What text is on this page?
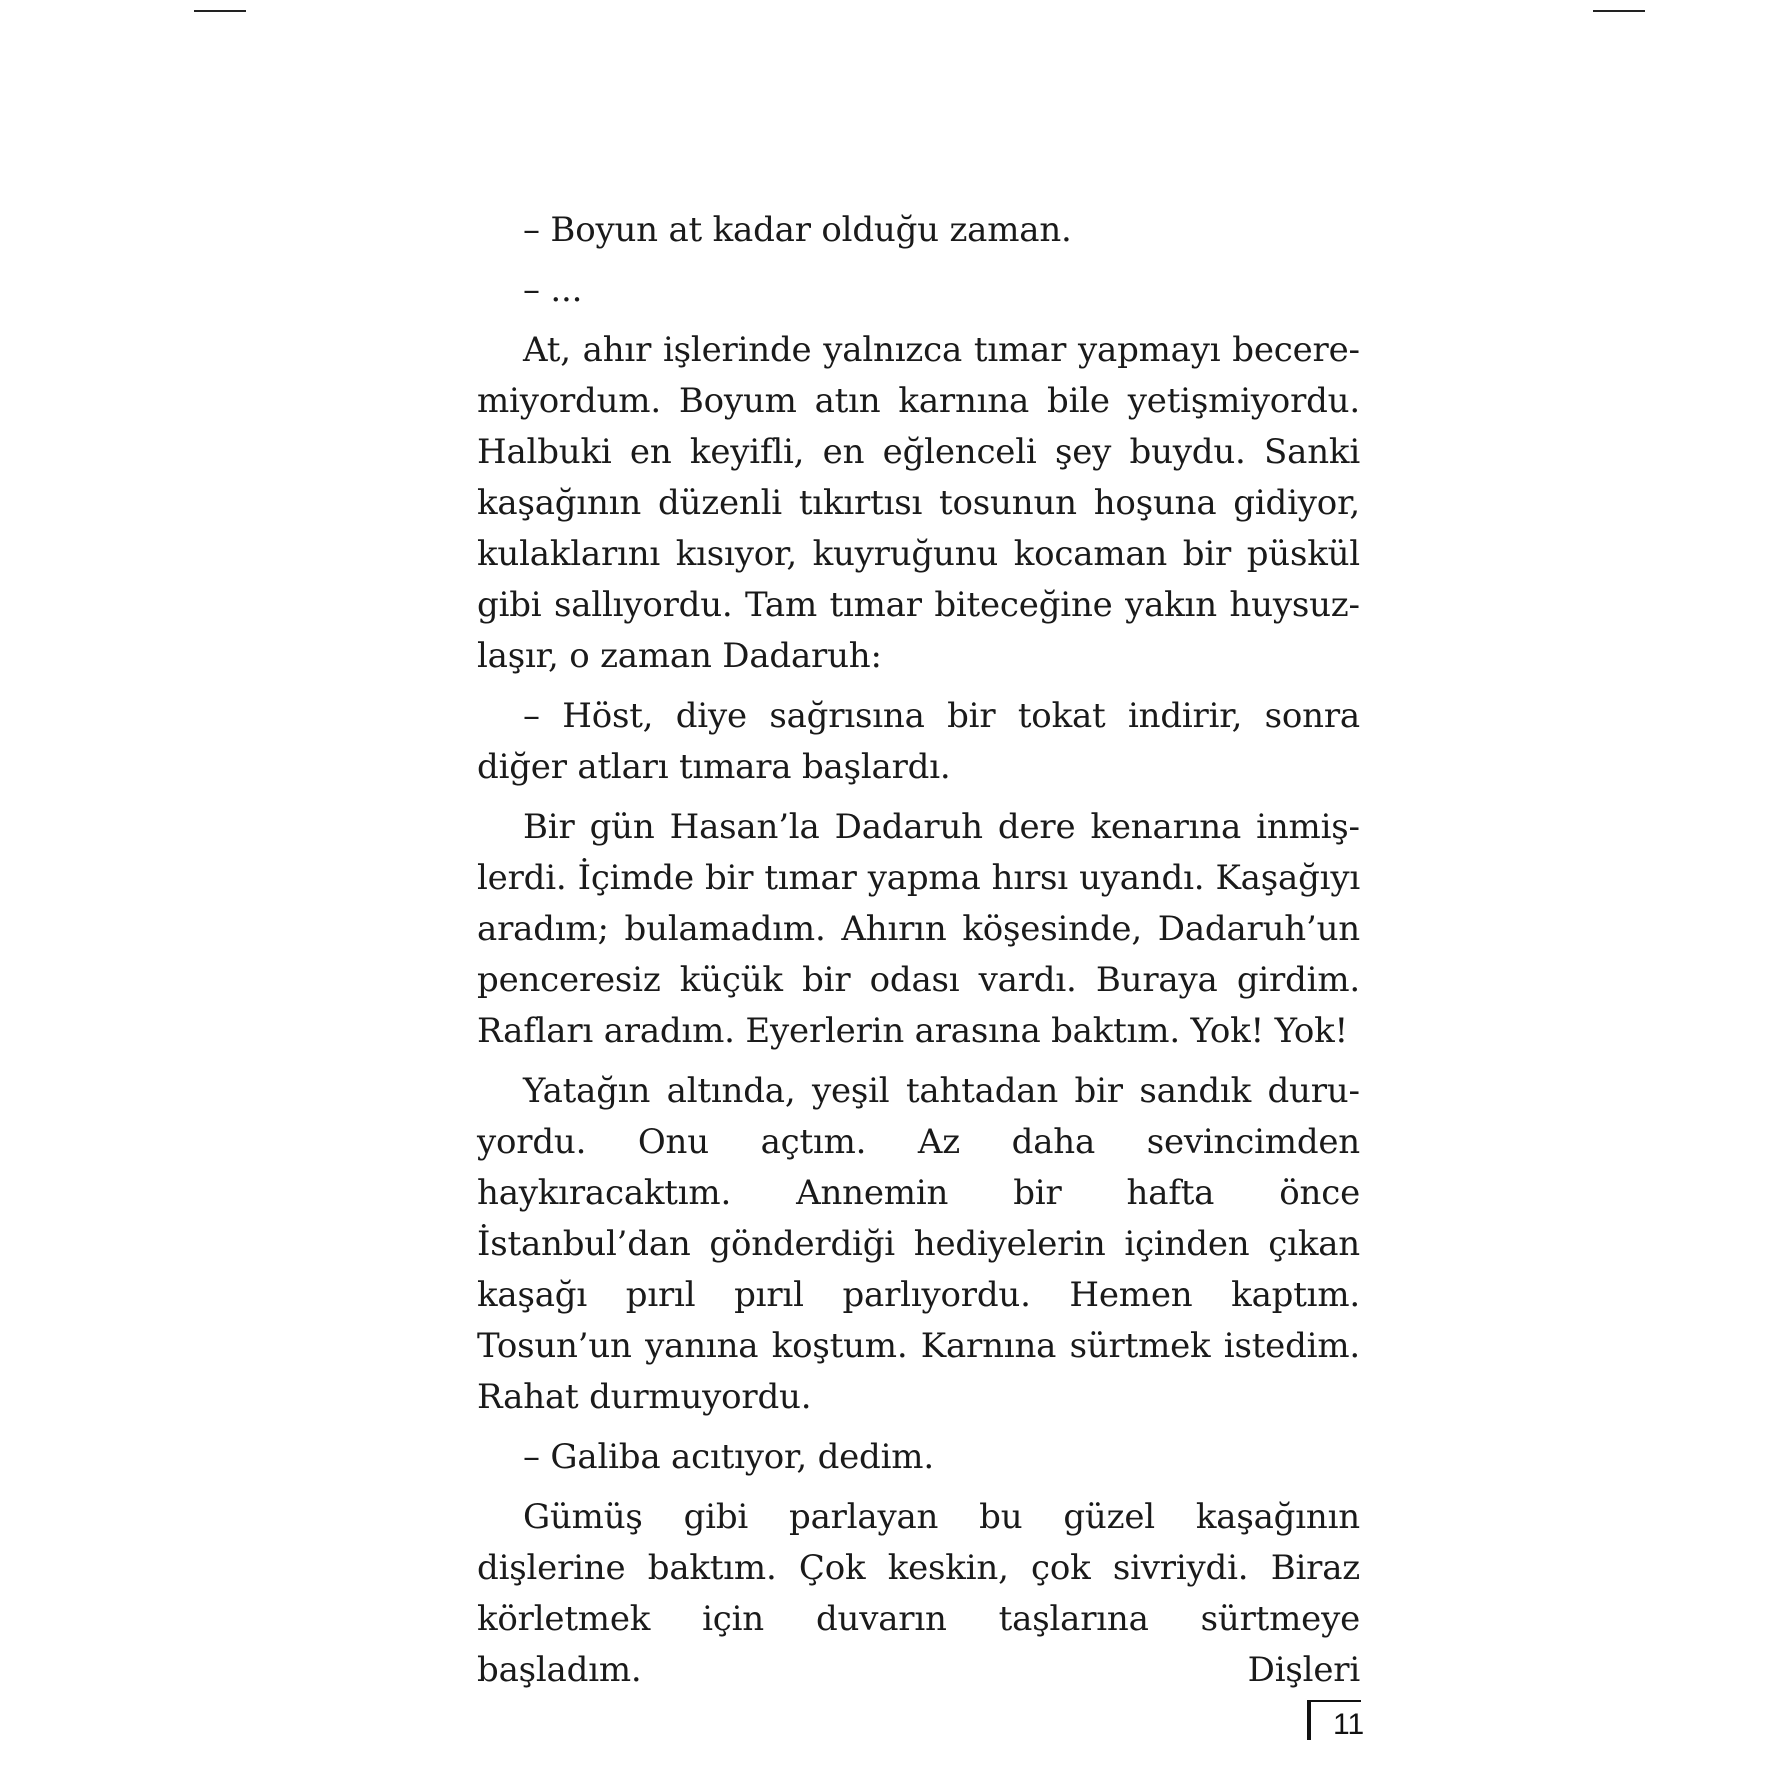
– Boyun at kadar olduğu zaman.

– ...

At, ahır işlerinde yalnızca tımar yapmayı beceremiyordum. Boyum atın karnına bile yetişmiyordu. Halbuki en keyifli, en eğlenceli şey buydu. Sanki kaşağının düzenli tıkırtısı tosunun hoşuna gidiyor, kulaklarını kısıyor, kuyruğunu kocaman bir püskül gibi sallıyordu. Tam tımar biteceğine yakın huysuzlaşır, o zaman Dadaruh:

– Höst, diye sağrısına bir tokat indirir, sonra diğer atları tımara başlardı.

Bir gün Hasan’la Dadaruh dere kenarına inmişlerdi. İçimde bir tımar yapma hırsı uyandı. Kaşağıyı aradım; bulamadım. Ahırın köşesinde, Dadaruh’un penceresiz küçük bir odası vardı. Buraya girdim. Rafları aradım. Eyerlerin arasına baktım. Yok! Yok!

Yatağın altında, yeşil tahtadan bir sandık duruyordu. Onu açtım. Az daha sevincimden haykıracaktım. Annemin bir hafta önce İstanbul’dan gönderdiği hediyelerin içinden çıkan kaşağı pırıl pırıl parlıyordu. Hemen kaptım. Tosun’un yanına koştum. Karnına sürtmek istedim. Rahat durmuyordu.

– Galiba acıtıyor, dedim.

Gümüş gibi parlayan bu güzel kaşağının dişlerine baktım. Çok keskin, çok sivriydi. Biraz körletmek için duvarın taşlarına sürtmeye başladım. Dişleri

11
